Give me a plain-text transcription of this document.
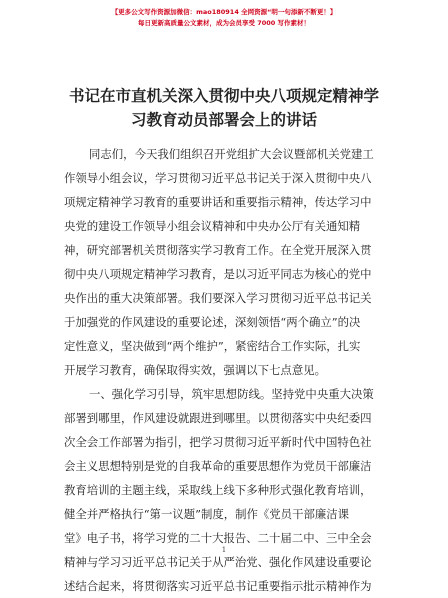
【更多公文写作资源加微信：mao180914 全网资源“明一句添新不断更！】
每日更新高质量公文素材，成为会员享受 7000 写作素材！
书记在市直机关深入贯彻中央八项规定精神学
习教育动员部署会上的讲话
同志们，今天我们组织召开党组扩大会议暨部机关党建工
作领导小组会议，学习贯彻习近平总书记关于深入贯彻中央八
项规定精神学习教育的重要讲话和重要指示精神，传达学习中
央党的建设工作领导小组会议精神和中央办公厅有关通知精
神，研究部署机关贯彻落实学习教育工作。在全党开展深入贯
彻中央八项规定精神学习教育，是以习近平同志为核心的党中
央作出的重大决策部署。我们要深入学习贯彻习近平总书记关
于加强党的作风建设的重要论述，深刻领悟“两个确立”的决
定性意义，坚决做到“两个维护”，紧密结合工作实际，扎实
开展学习教育，确保取得实效，强调以下七点意见。
一、强化学习引导，筑牢思想防线。坚持党中央重大决策
部署到哪里，作风建设就跟进到哪里。以贯彻落实中央纪委四
次全会工作部署为指引，把学习贯彻习近平新时代中国特色社
会主义思想特别是党的自我革命的重要思想作为党员干部廉洁
教育培训的主题主线，采取线上线下多种形式强化教育培训，
健全并严格执行“第一议题”制度，制作《党员干部廉洁课
堂》电子书，将学习党的二十大报告、二十届二中、三中全会
精神与学习习近平总书记关于从严治党、强化作风建设重要论
述结合起来，将贯彻落实习近平总书记重要指示批示精神作为
1
